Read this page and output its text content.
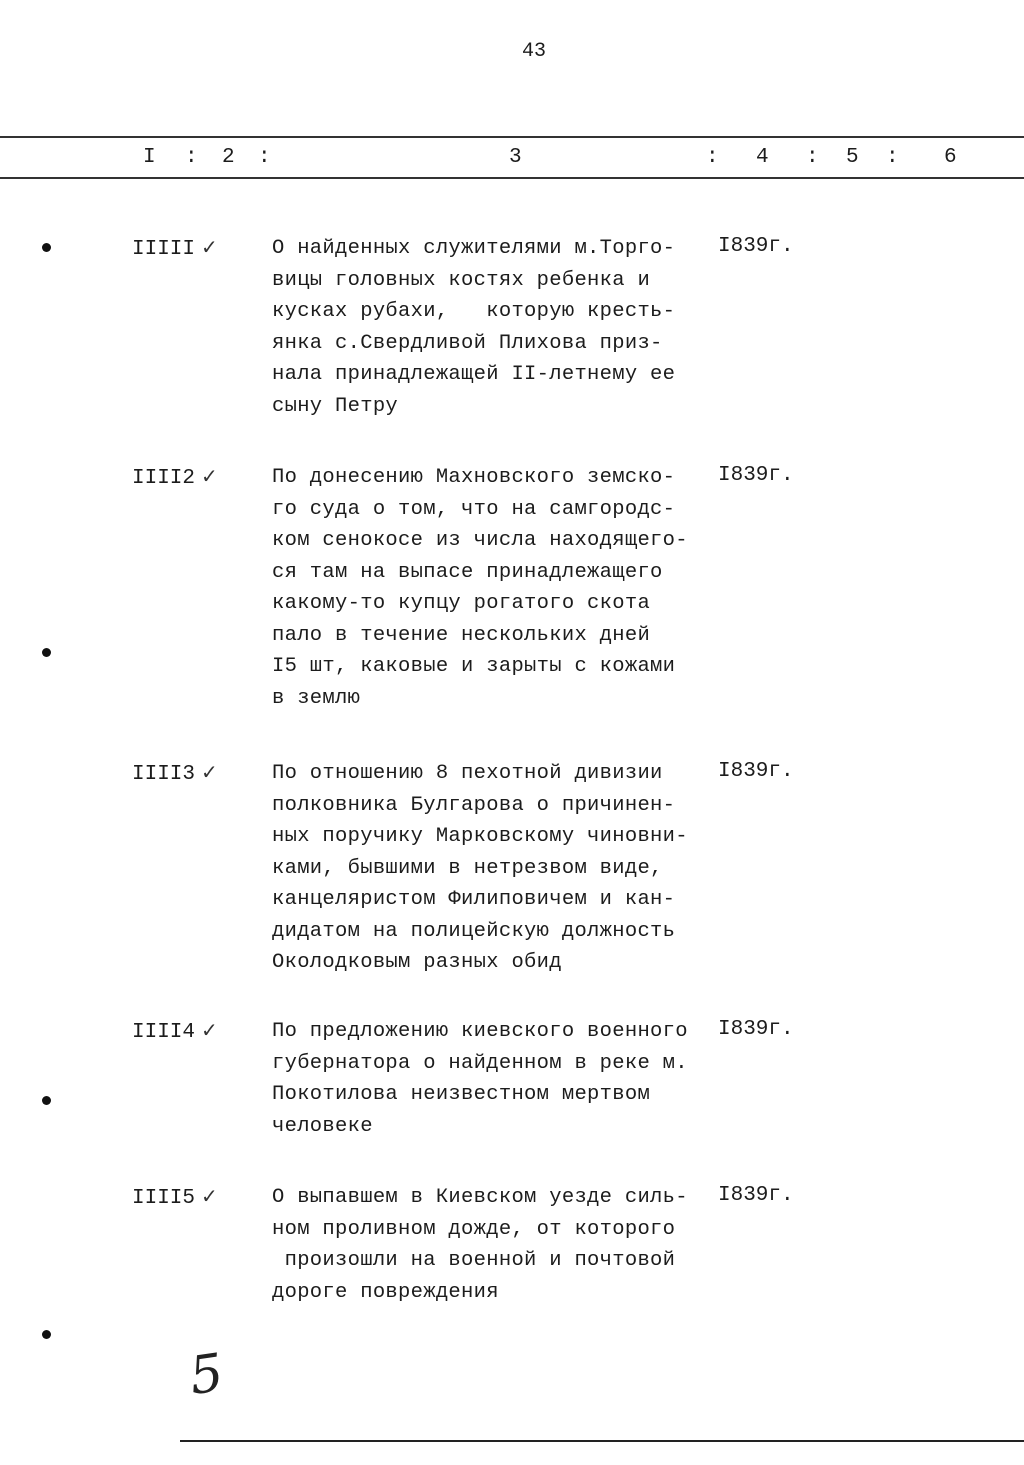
43
I : 2 :	3	: 4 : 5 : 6
IIIII ✓	О найденных служителями м.Торго-
вицы головных костях ребенка и
кусках рубахи,   которую кресть-
янка с.Свердливой Плихова приз-
нала принадлежащей II-летнему ее
сыну Петру
I839г.
IIII2 ✓	По донесению Махновского земско-
го суда о том, что на самгородс-
ком сенокосе из числа находящего-
ся там на выпасе принадлежащего
какому-то купцу рогатого скота
пало в течение нескольких дней
I5 шт, каковые и зарыты с кожами
в землю
I839г.
IIII3 ✓	По отношению 8 пехотной дивизии
полковника Булгарова о причинен-
ных поручику Марковскому чиновни-
ками, бывшими в нетрезвом виде,
канцеляристом Филиповичем и кан-
дидатом на полицейскую должность
Околодковым разных обид
I839г.
IIII4 ✓	По предложению киевского военного
губернатора о найденном в реке м.
Покотилова неизвестном мертвом
человеке
I839г.
IIII5 ✓	О выпавшем в Киевском уезде силь-
ном проливном дожде, от которого
произошли на военной и почтовой
дороге повреждения
I839г.
5
